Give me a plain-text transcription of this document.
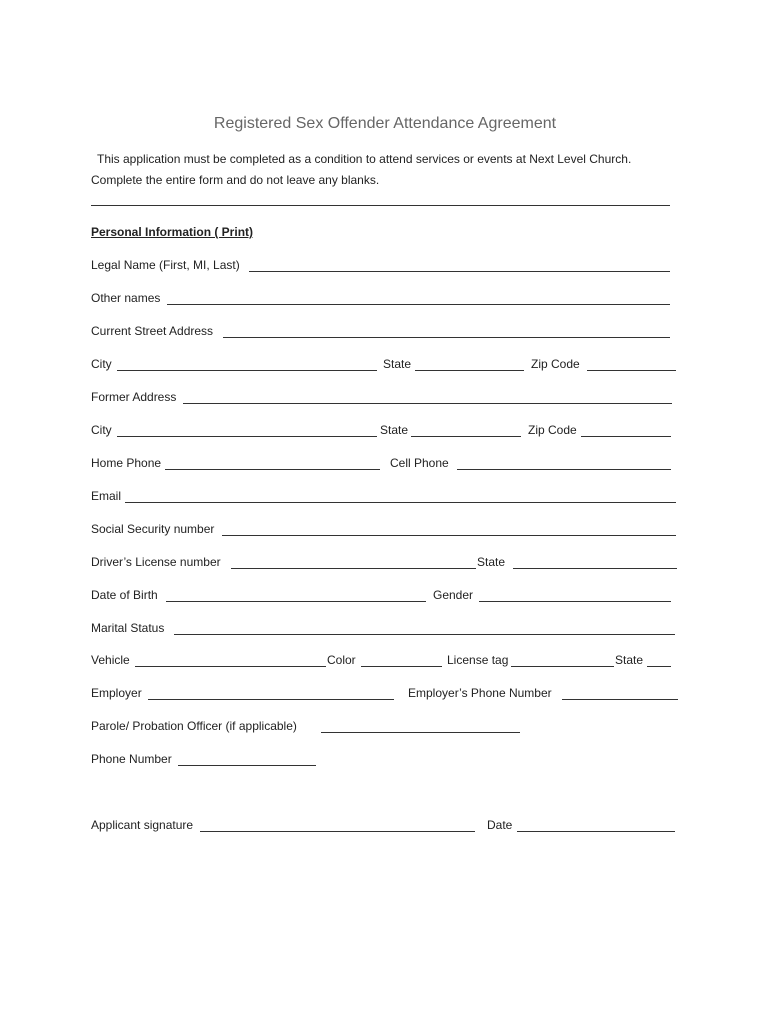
Registered Sex Offender Attendance Agreement
This application must be completed as a condition to attend services or events at Next Level Church.
Complete the entire form and do not leave any blanks.
Personal Information ( Print)
Legal Name (First, MI, Last)
Other names
Current Street Address
City	State	Zip Code
Former Address
City	State	Zip Code
Home Phone	Cell Phone
Email
Social Security number
Driver’s License number	State
Date of Birth	Gender
Marital Status
Vehicle	Color	License tag	State
Employer	Employer’s Phone Number
Parole/ Probation Officer (if applicable)
Phone Number
Applicant signature	Date
